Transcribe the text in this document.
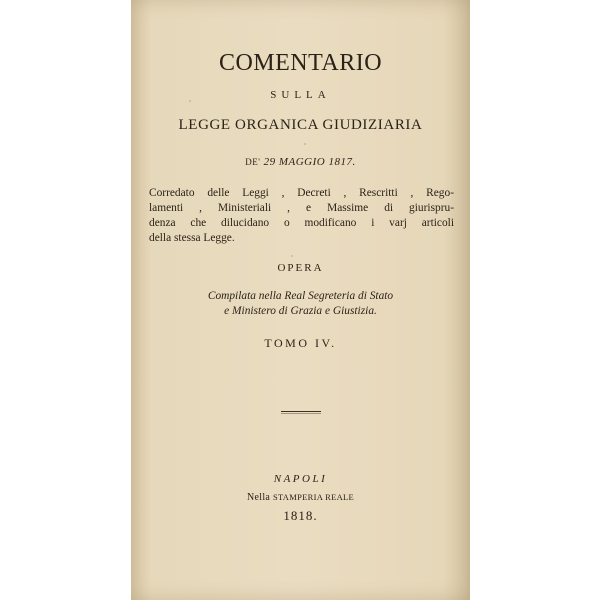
COMENTARIO
SULLA
LEGGE ORGANICA GIUDIZIARIA
DE' 29 MAGGIO 1817.
Corredato delle Leggi , Decreti , Rescritti , Rego-
lamenti , Ministeriali , e Massime di giurispru-
denza che dilucidano o modificano i varj articoli
della stessa Legge.
OPERA
Compilata nella Real Segreteria di Stato
e Ministero di Grazia e Giustizia.
TOMO IV.
NAPOLI
Nella STAMPERIA REALE
1818.
